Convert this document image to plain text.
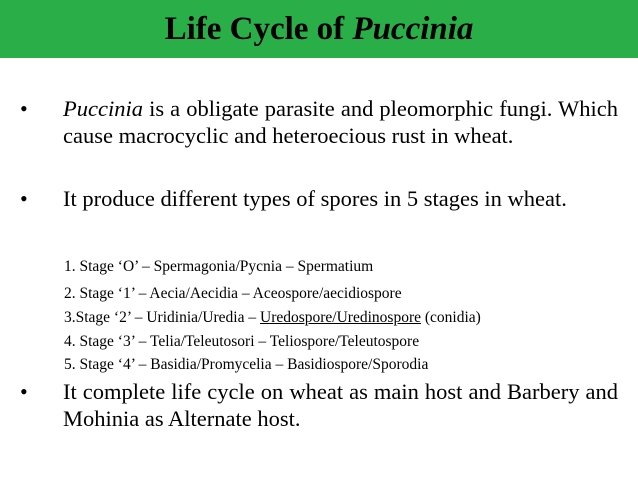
Life Cycle of Puccinia
•	Puccinia is a obligate parasite and pleomorphic fungi. Which cause macrocyclic and heteroecious rust in wheat.
•	It produce different types of spores in 5 stages in wheat.
1. Stage ‘O’ – Spermagonia/Pycnia – Spermatium
2. Stage ‘1’ – Aecia/Aecidia – Aceospore/aecidiospore
3.Stage ‘2’ – Uridinia/Uredia – Uredospore/Uredinospore (conidia)
4. Stage ‘3’ – Telia/Teleutosori – Teliospore/Teleutospore
5. Stage ‘4’ – Basidia/Promycelia – Basidiospore/Sporodia
•	It complete life cycle on wheat as main host and Barbery and Mohinia as Alternate host.
